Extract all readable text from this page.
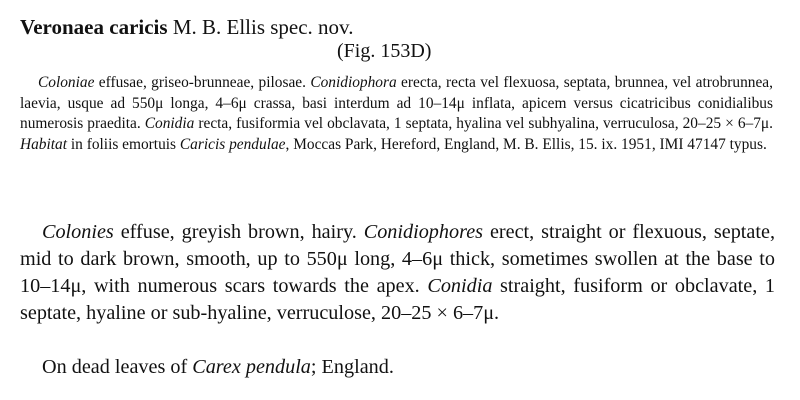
Veronaea caricis M. B. Ellis spec. nov.
(Fig. 153D)

Coloniae effusae, griseo-brunneae, pilosae. Conidiophora erecta, recta vel flexuosa, septata, brunnea, vel atrobrunnea, laevia, usque ad 550μ longa, 4–6μ crassa, basi interdum ad 10–14μ inflata, apicem versus cicatricibus conidialibus numerosis praedita. Conidia recta, fusiformia vel obclavata, 1 septata, hyalina vel subhyalina, verruculosa, 20–25 × 6–7μ. Habitat in foliis emortuis Caricis pendulae, Moccas Park, Hereford, England, M. B. Ellis, 15. ix. 1951, IMI 47147 typus.

Colonies effuse, greyish brown, hairy. Conidiophores erect, straight or flexuous, septate, mid to dark brown, smooth, up to 550μ long, 4–6μ thick, sometimes swollen at the base to 10–14μ, with numerous scars towards the apex. Conidia straight, fusiform or obclavate, 1 septate, hyaline or sub-hyaline, verruculose, 20–25 × 6–7μ.

On dead leaves of Carex pendula; England.
